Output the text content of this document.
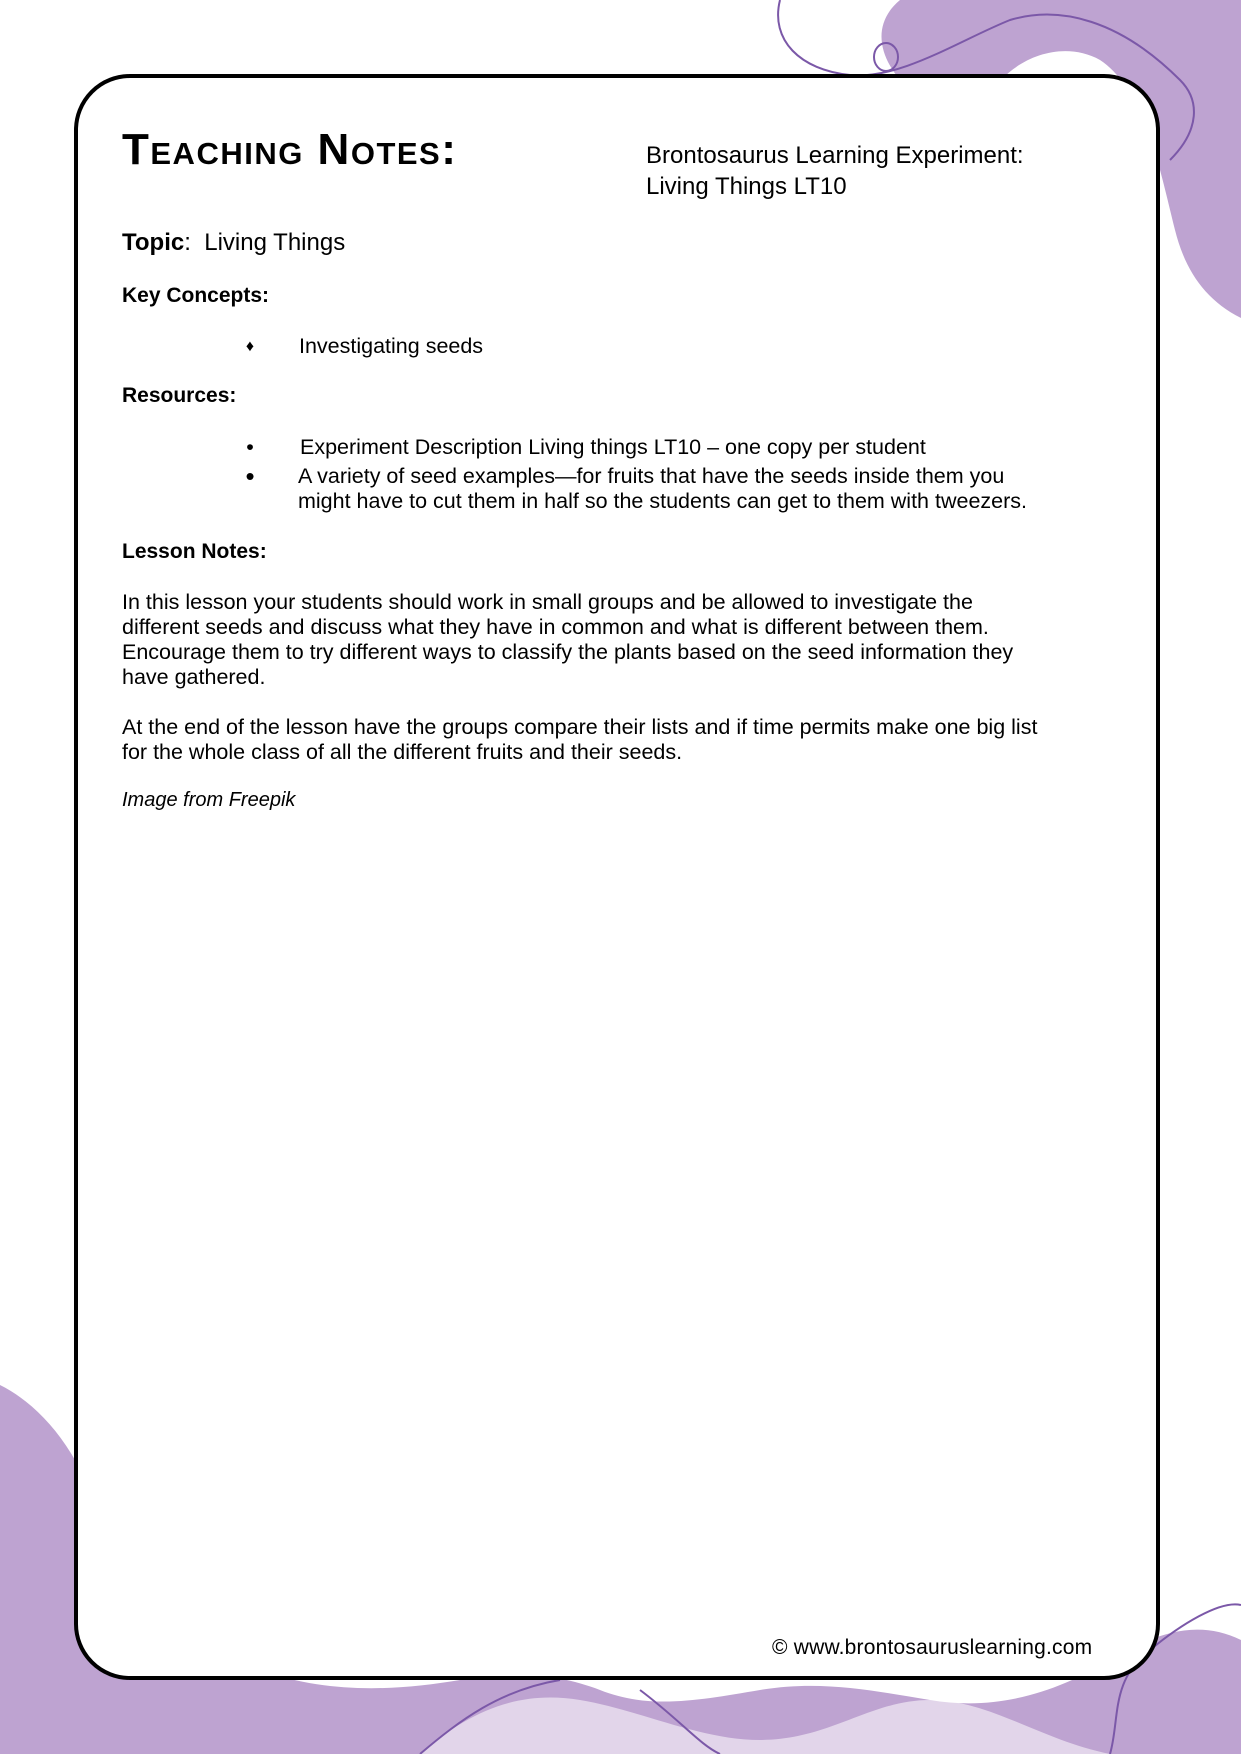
Teaching Notes:	Brontosaurus Learning Experiment:
Living Things LT10
Topic: Living Things
Key Concepts:
♦	Investigating seeds
Resources:
•	Experiment Description Living things LT10 – one copy per student
•	A variety of seed examples—for fruits that have the seeds inside them you
might have to cut them in half so the students can get to them with tweezers.
Lesson Notes:
In this lesson your students should work in small groups and be allowed to investigate the
different seeds and discuss what they have in common and what is different between them.
Encourage them to try different ways to classify the plants based on the seed information they
have gathered.
At the end of the lesson have the groups compare their lists and if time permits make one big list
for the whole class of all the different fruits and their seeds.
Image from Freepik
© www.brontosauruslearning.com
